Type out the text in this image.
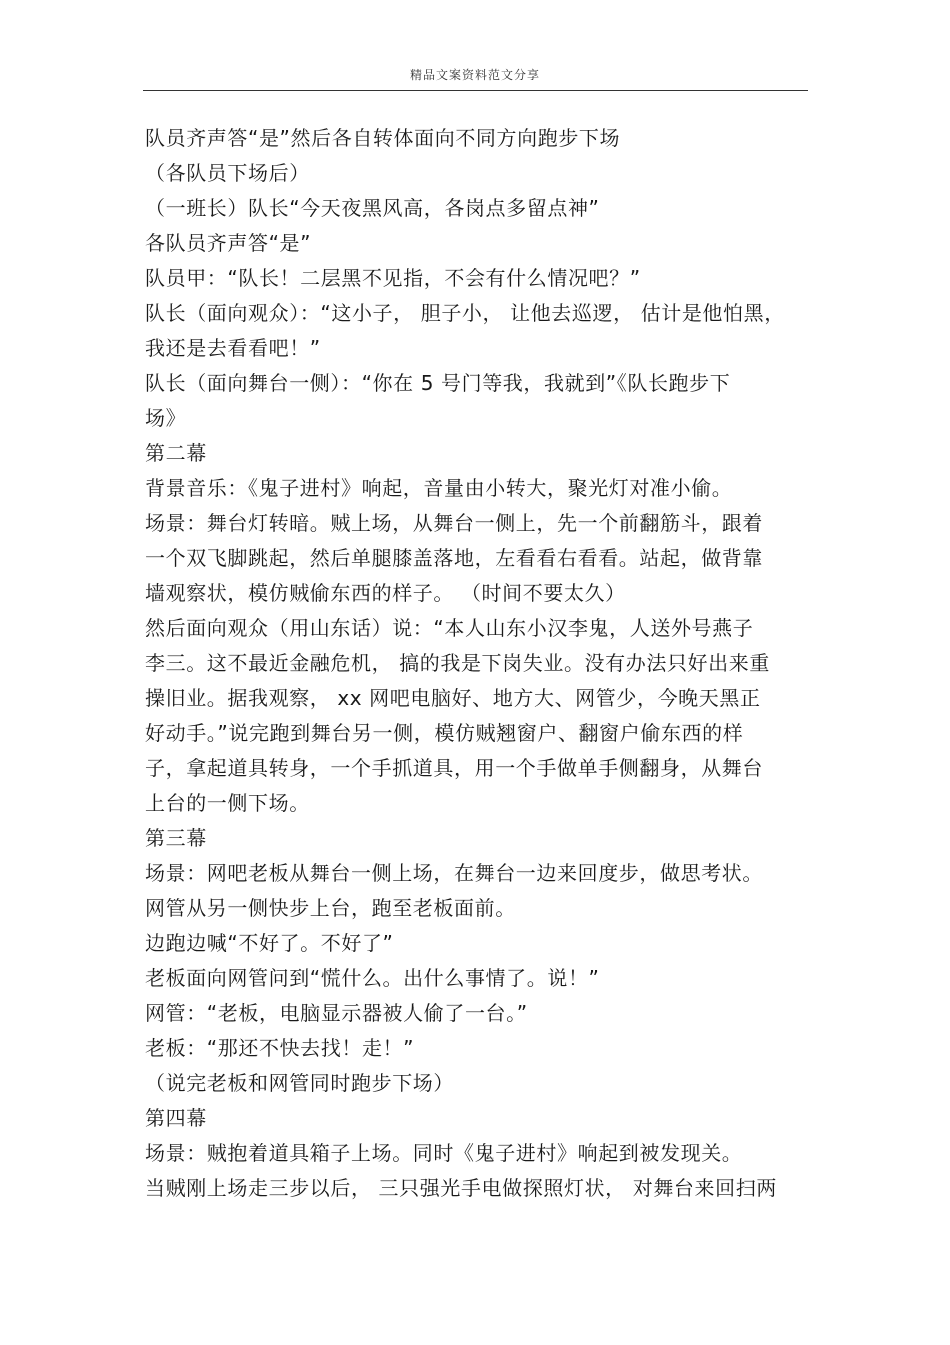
精品文案资料范文分享
队员齐声答“是”然后各自转体面向不同方向跑步下场
（各队员下场后）
（一班长）队长“今天夜黑风高，各岗点多留点神”
各队员齐声答“是”
队员甲：“队长！二层黑不见指，不会有什么情况吧？”
队长（面向观众）：“这小子， 胆子小， 让他去巡逻， 估计是他怕黑，
我还是去看看吧！”
队长（面向舞台一侧）：“你在 5 号门等我，我就到”《队长跑步下
场》
第二幕
背景音乐：《鬼子进村》响起，音量由小转大，聚光灯对准小偷。
场景：舞台灯转暗。贼上场，从舞台一侧上，先一个前翻筋斗，跟着
一个双飞脚跳起，然后单腿膝盖落地，左看看右看看。站起，做背靠
墙观察状，模仿贼偷东西的样子。 （时间不要太久）
然后面向观众（用山东话）说：“本人山东小汉李鬼，人送外号燕子
李三。这不最近金融危机， 搞的我是下岗失业。没有办法只好出来重
操旧业。据我观察， xx 网吧电脑好、地方大、网管少，今晚天黑正
好动手。”说完跑到舞台另一侧，模仿贼翘窗户、翻窗户偷东西的样
子，拿起道具转身，一个手抓道具，用一个手做单手侧翻身，从舞台
上台的一侧下场。
第三幕
场景：网吧老板从舞台一侧上场，在舞台一边来回度步，做思考状。
网管从另一侧快步上台，跑至老板面前。
边跑边喊“不好了。不好了”
老板面向网管问到“慌什么。出什么事情了。说！”
网管：“老板，电脑显示器被人偷了一台。”
老板：“那还不快去找！走！”
（说完老板和网管同时跑步下场）
第四幕
场景：贼抱着道具箱子上场。同时《鬼子进村》响起到被发现关。
当贼刚上场走三步以后， 三只强光手电做探照灯状， 对舞台来回扫两
